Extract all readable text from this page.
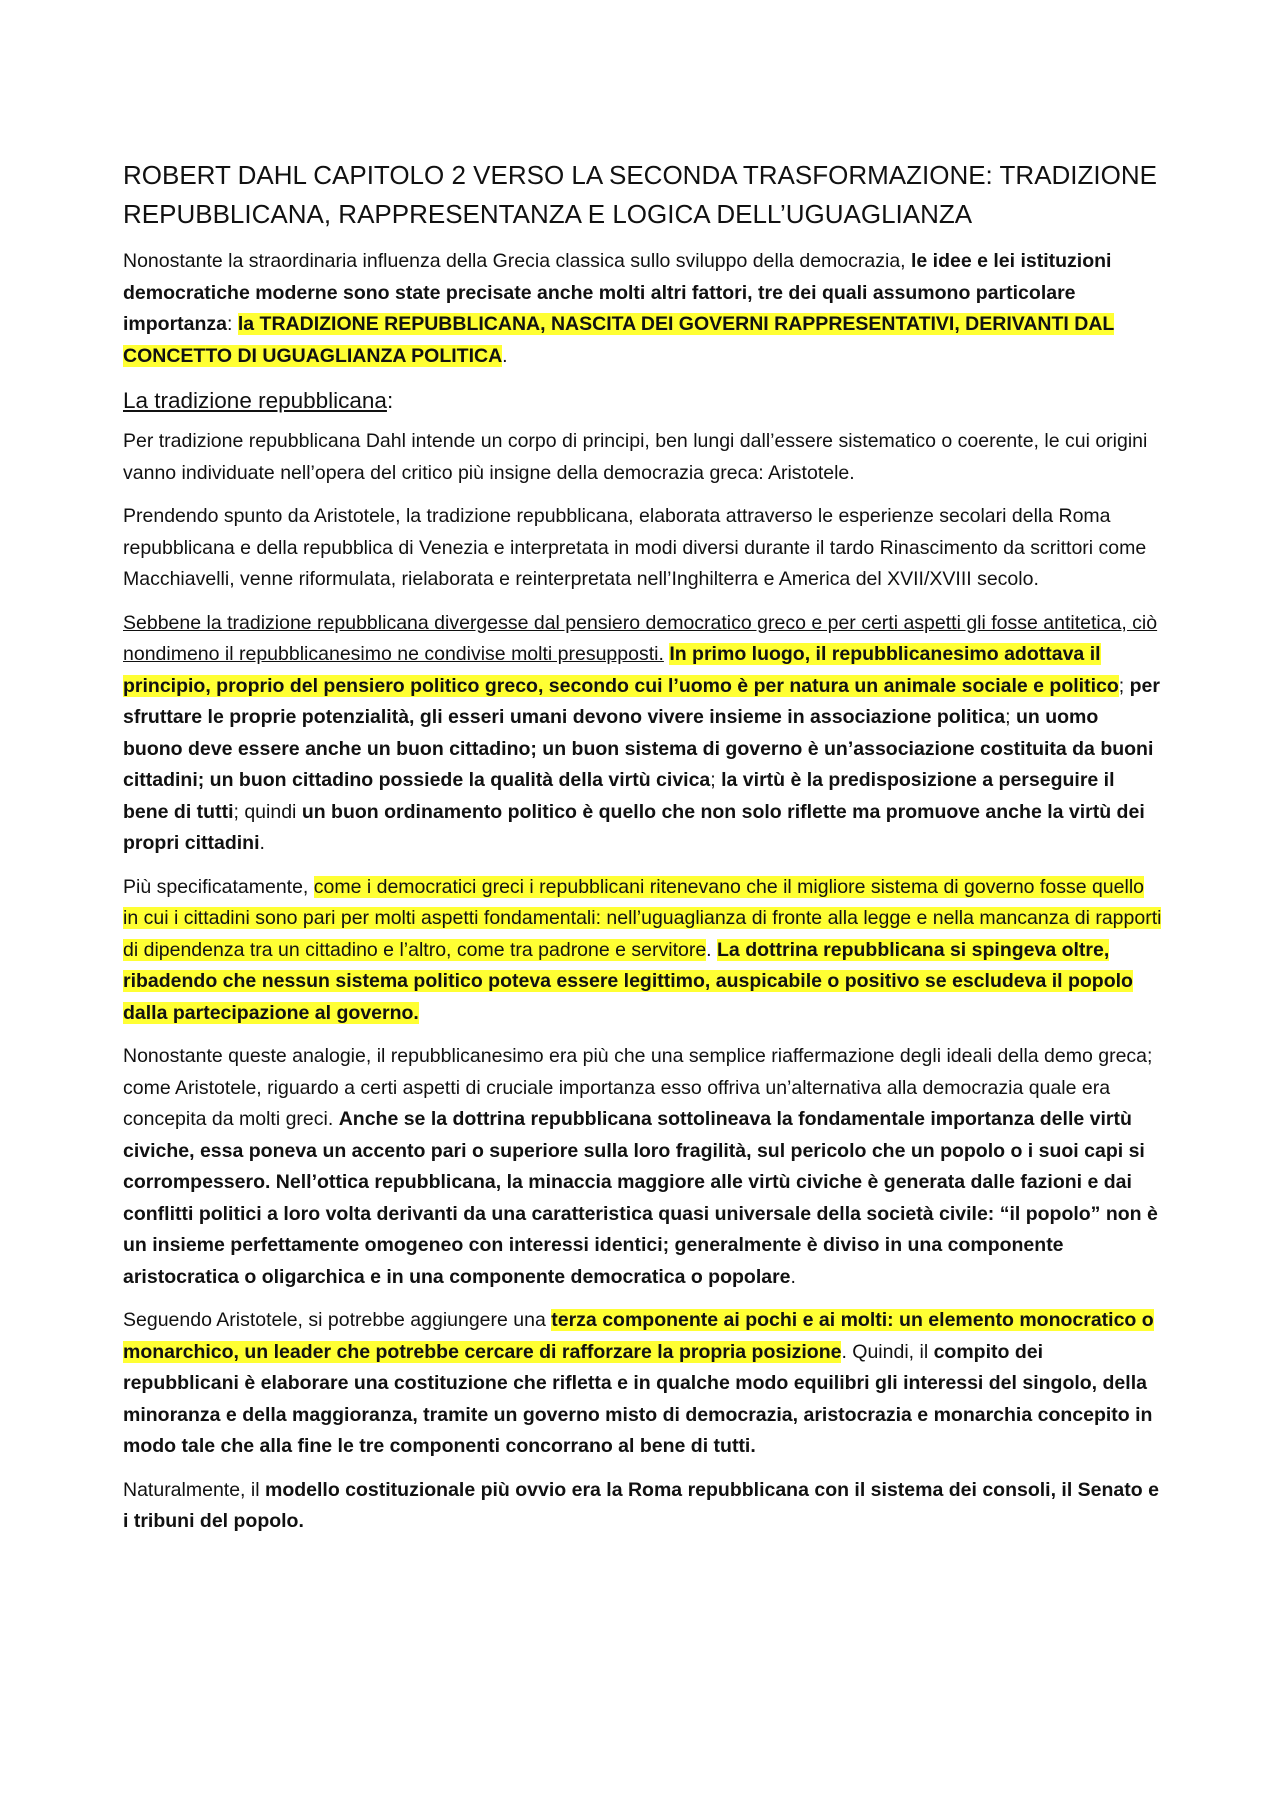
ROBERT DAHL CAPITOLO 2 VERSO LA SECONDA TRASFORMAZIONE: TRADIZIONE REPUBBLICANA, RAPPRESENTANZA E LOGICA DELL’UGUAGLIANZA

Nonostante la straordinaria influenza della Grecia classica sullo sviluppo della democrazia, le idee e lei istituzioni democratiche moderne sono state precisate anche molti altri fattori, tre dei quali assumono particolare importanza: la TRADIZIONE REPUBBLICANA, NASCITA DEI GOVERNI RAPPRESENTATIVI, DERIVANTI DAL CONCETTO DI UGUAGLIANZA POLITICA.

La tradizione repubblicana:

Per tradizione repubblicana Dahl intende un corpo di principi, ben lungi dall’essere sistematico o coerente, le cui origini vanno individuate nell’opera del critico più insigne della democrazia greca: Aristotele.

Prendendo spunto da Aristotele, la tradizione repubblicana, elaborata attraverso le esperienze secolari della Roma repubblicana e della repubblica di Venezia e interpretata in modi diversi durante il tardo Rinascimento da scrittori come Macchiavelli, venne riformulata, rielaborata e reinterpretata nell’Inghilterra e America del XVII/XVIII secolo.

Sebbene la tradizione repubblicana divergesse dal pensiero democratico greco e per certi aspetti gli fosse antitetica, ciò nondimeno il repubblicanesimo ne condivise molti presupposti. In primo luogo, il repubblicanesimo adottava il principio, proprio del pensiero politico greco, secondo cui l’uomo è per natura un animale sociale e politico; per sfruttare le proprie potenzialità, gli esseri umani devono vivere insieme in associazione politica; un uomo buono deve essere anche un buon cittadino; un buon sistema di governo è un’associazione costituita da buoni cittadini; un buon cittadino possiede la qualità della virtù civica; la virtù è la predisposizione a perseguire il bene di tutti; quindi un buon ordinamento politico è quello che non solo riflette ma promuove anche la virtù dei propri cittadini.

Più specificatamente, come i democratici greci i repubblicani ritenevano che il migliore sistema di governo fosse quello in cui i cittadini sono pari per molti aspetti fondamentali: nell’uguaglianza di fronte alla legge e nella mancanza di rapporti di dipendenza tra un cittadino e l’altro, come tra padrone e servitore. La dottrina repubblicana si spingeva oltre, ribadendo che nessun sistema politico poteva essere legittimo, auspicabile o positivo se escludeva il popolo dalla partecipazione al governo.

Nonostante queste analogie, il repubblicanesimo era più che una semplice riaffermazione degli ideali della demo greca; come Aristotele, riguardo a certi aspetti di cruciale importanza esso offriva un’alternativa alla democrazia quale era concepita da molti greci. Anche se la dottrina repubblicana sottolineava la fondamentale importanza delle virtù civiche, essa poneva un accento pari o superiore sulla loro fragilità, sul pericolo che un popolo o i suoi capi si corrompessero. Nell’ottica repubblicana, la minaccia maggiore alle virtù civiche è generata dalle fazioni e dai conflitti politici a loro volta derivanti da una caratteristica quasi universale della società civile: “il popolo” non è un insieme perfettamente omogeneo con interessi identici; generalmente è diviso in una componente aristocratica o oligarchica e in una componente democratica o popolare.

Seguendo Aristotele, si potrebbe aggiungere una terza componente ai pochi e ai molti: un elemento monocratico o monarchico, un leader che potrebbe cercare di rafforzare la propria posizione. Quindi, il compito dei repubblicani è elaborare una costituzione che rifletta e in qualche modo equilibri gli interessi del singolo, della minoranza e della maggioranza, tramite un governo misto di democrazia, aristocrazia e monarchia concepito in modo tale che alla fine le tre componenti concorrano al bene di tutti.

Naturalmente, il modello costituzionale più ovvio era la Roma repubblicana con il sistema dei consoli, il Senato e i tribuni del popolo.
